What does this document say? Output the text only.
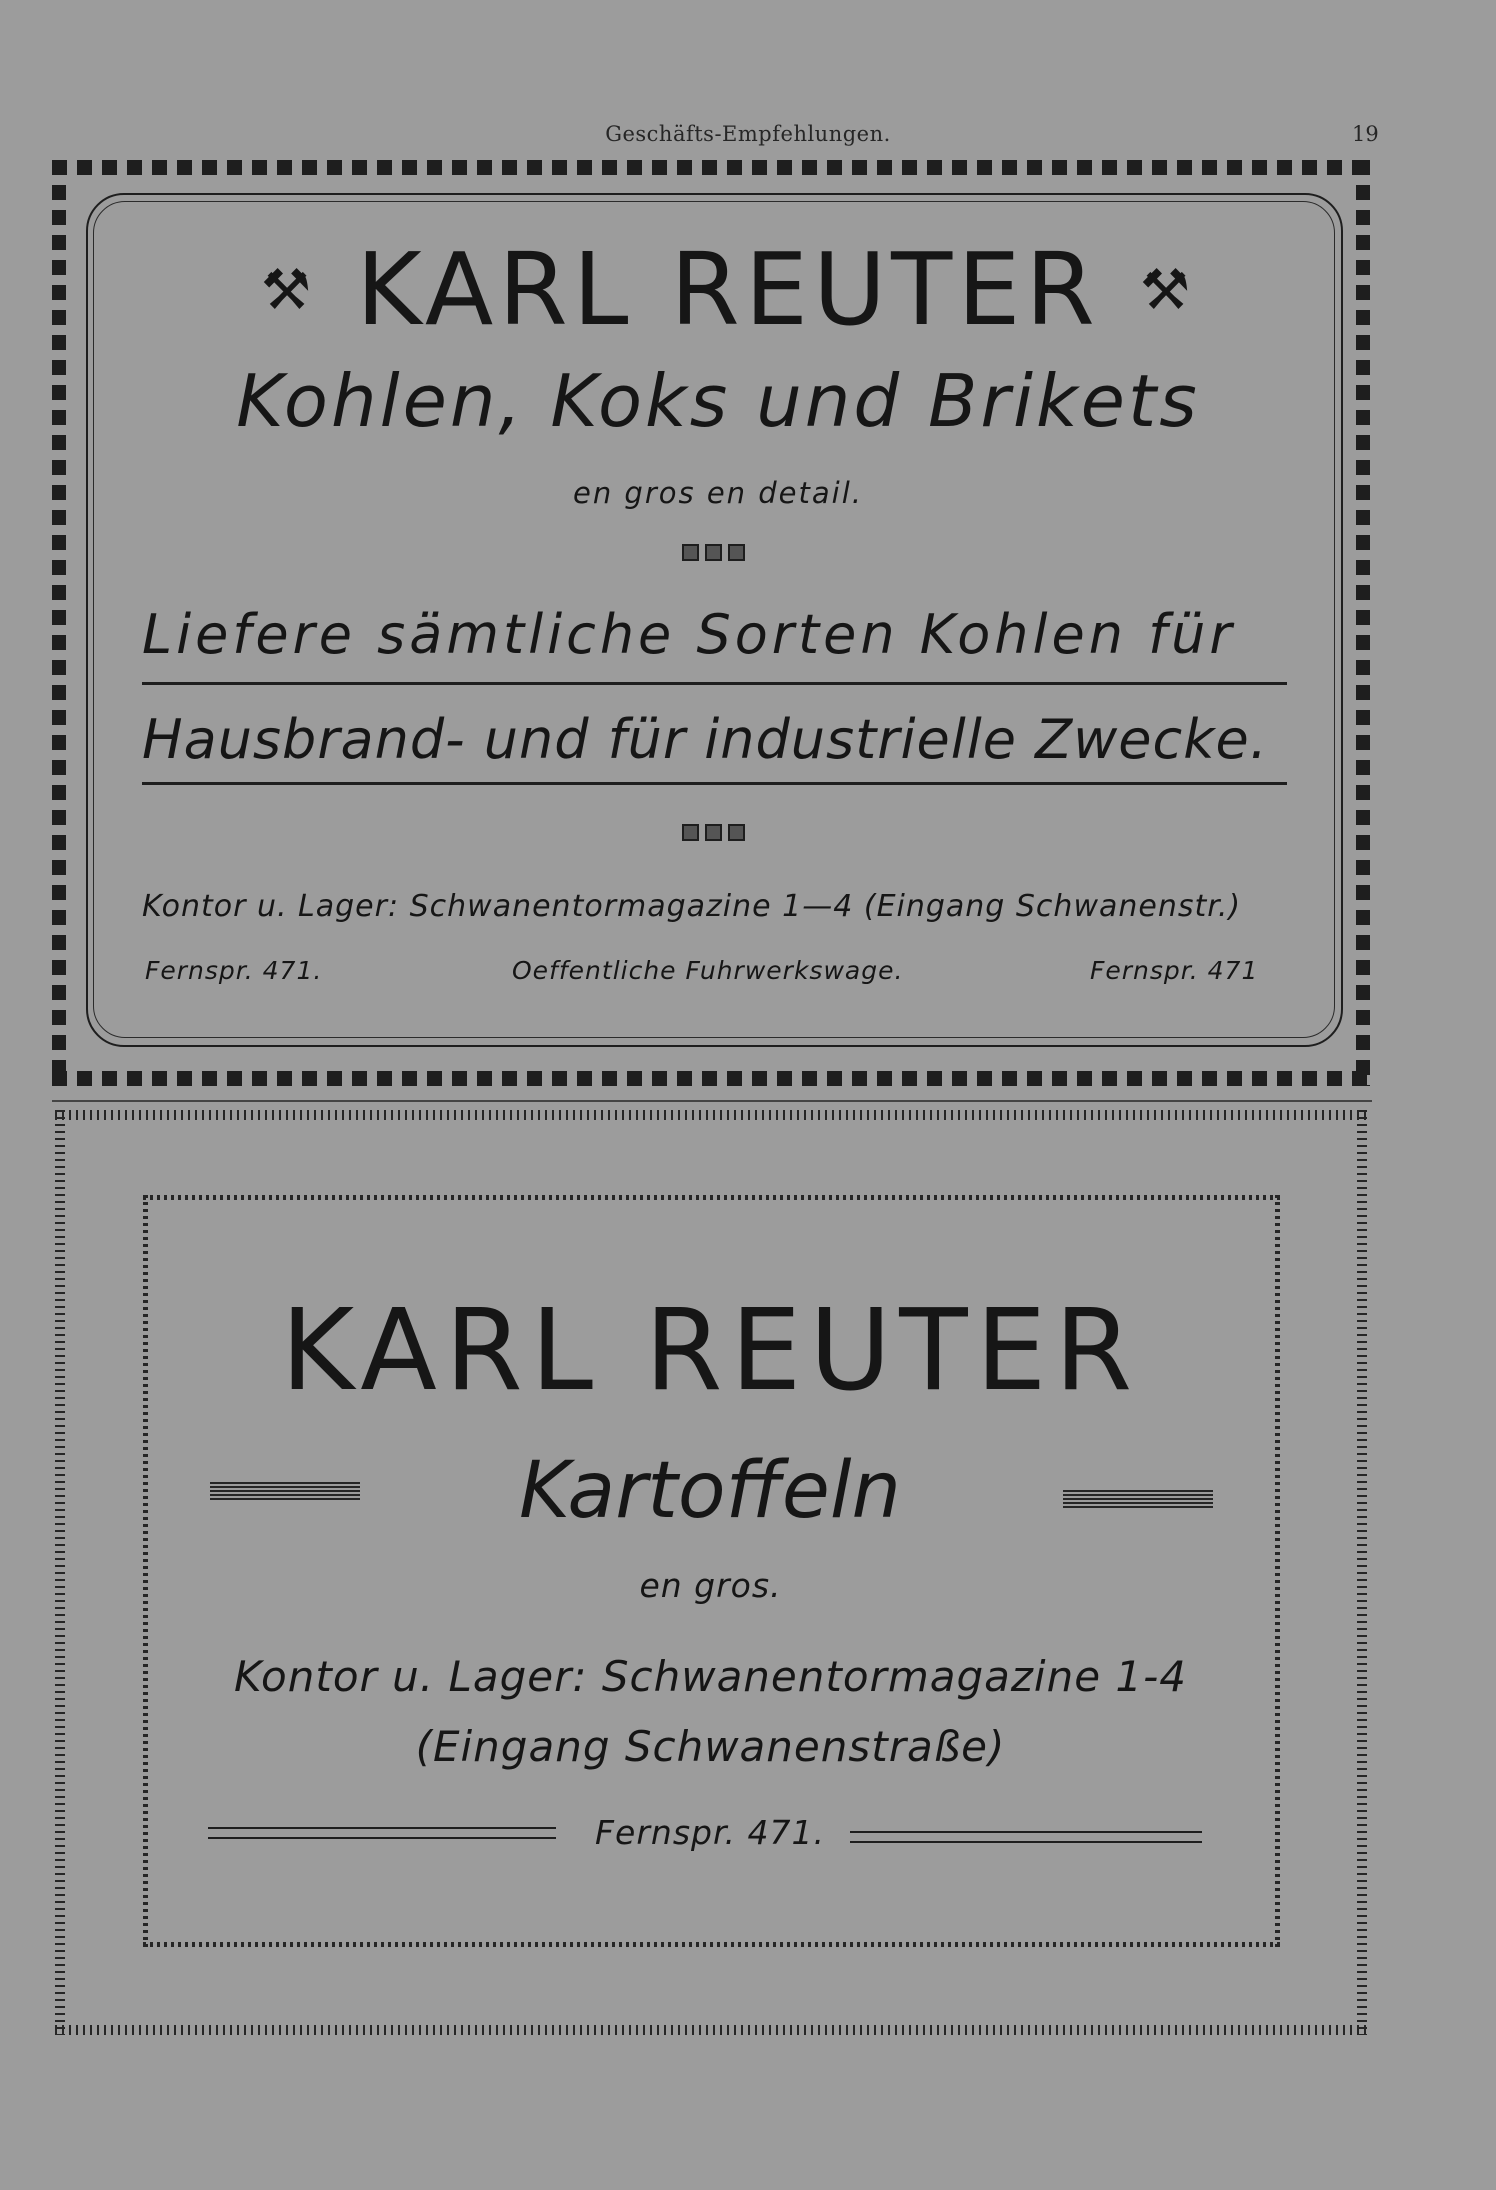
Geschäfts-Empfehlungen.	19
⚒ KARL REUTER ⚒
Kohlen, Koks und Brikets
en gros en detail.
Liefere sämtliche Sorten Kohlen für
Hausbrand- und für industrielle Zwecke.
Kontor u. Lager: Schwanentormagazine 1—4 (Eingang Schwanenstr.)
Fernspr. 471.	Oeffentliche Fuhrwerkswage.	Fernspr. 471
KARL REUTER
Kartoffeln
en gros.
Kontor u. Lager: Schwanentormagazine 1-4
(Eingang Schwanenstraße)
Fernspr. 471.
